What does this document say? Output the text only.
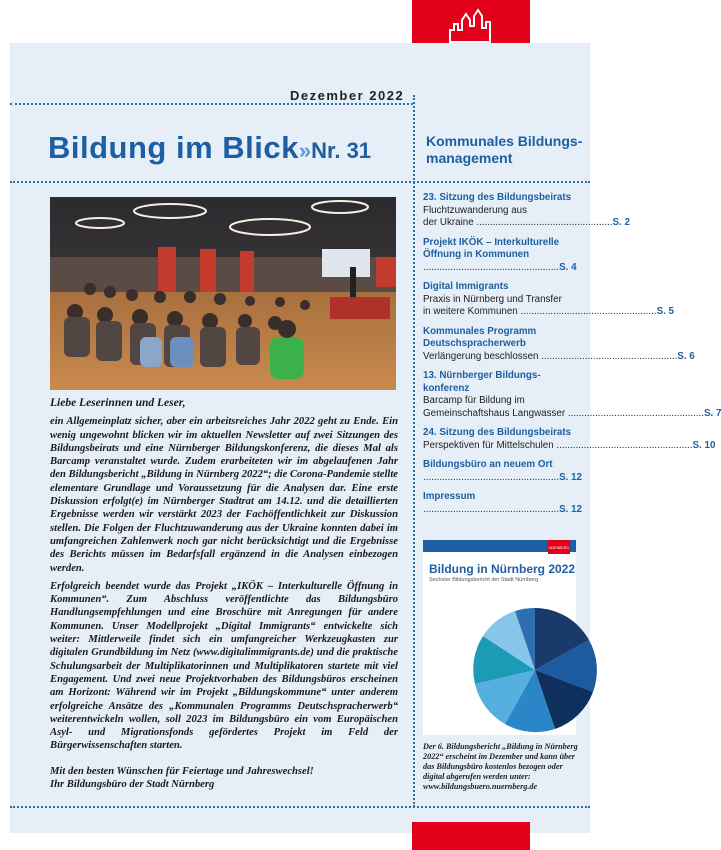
Dezember 2022
Bildung im Blick»Nr. 31	Kommunales Bildungsmanagement

Liebe Leserinnen und Leser,

ein Allgemeinplatz sicher, aber ein arbeitsreiches Jahr 2022 geht zu Ende. Ein wenig ungewohnt blicken wir im aktuellen Newsletter auf zwei Sitzungen des Bildungsbeirats und eine Nürnberger Bildungskonferenz, die dieses Mal als Barcamp veranstaltet wurde. Zudem erarbeiteten wir im abgelaufenen Jahr den Bildungsbericht „Bildung in Nürnberg 2022“; die Corona-Pandemie stellte elementare Grundlage und Voraussetzung für die Analysen dar. Eine erste Diskussion erfolgt(e) im Nürnberger Stadtrat am 14.12. und die detaillierten Ergebnisse werden wir verstärkt 2023 der Fachöffentlichkeit zur Diskussion stellen. Die Folgen der Fluchtzuwanderung aus der Ukraine konnten dabei im umfangreichen Zahlenwerk noch gar nicht berücksichtigt und die Ergebnisse des Berichts müssen im Bedarfsfall ergänzend in die Analysen einbezogen werden.

Erfolgreich beendet wurde das Projekt „IKÖK – Interkulturelle Öffnung in Kommunen“. Zum Abschluss veröffentlichte das Bildungsbüro Handlungsempfehlungen und eine Broschüre mit Anregungen für andere Kommunen. Unser Modellprojekt „Digital Immigrants“ entwickelte sich weiter: Mittlerweile findet sich ein umfangreicher Werkzeugkasten zur digitalen Grundbildung im Netz (www.digitalimmigrants.de) und die praktische Schulungsarbeit der Multiplikatorinnen und Multiplikatoren startete mit viel Engagement. Und zwei neue Projektvorhaben des Bildungsbüros erscheinen am Horizont: Während wir im Projekt „Bildungskommune“ unter anderem erfolgreiche Ansätze des „Kommunalen Programms Deutschspracherwerb“ weiterentwickeln wollen, soll 2023 im Bildungsbüro ein vom Europäischen Asyl- und Migrationsfonds gefördertes Projekt im Feld der Bürgerwissenschaften starten.

Mit den besten Wünschen für Feiertage und Jahreswechsel!

Ihr Bildungsbüro der Stadt Nürnberg

23. Sitzung des Bildungsbeirats
Fluchtzuwanderung aus
der Ukraine .................................................. S. 2
Projekt IKÖK – Interkulturelle Öffnung in Kommunen
.................................................. S. 4
Digital Immigrants
Praxis in Nürnberg und Transfer
in weitere Kommunen .................................................. S. 5
Kommunales Programm Deutschspracherwerb
Verlängerung beschlossen .................................................. S. 6
13. Nürnberger Bildungs-konferenz
Barcamp für Bildung im
Gemeinschaftshaus Langwasser .................................................. S. 7
24. Sitzung des Bildungsbeirats
Perspektiven für Mittelschulen .................................................. S. 10
Bildungsbüro an neuem Ort
.................................................. S. 12
Impressum
.................................................. S. 12
NÜRNBERG
Bildung in Nürnberg 2022
Sechster Bildungsbericht der Stadt Nürnberg
Der 6. Bildungsbericht „Bildung in Nürnberg 2022“ erscheint im Dezember und kann über das Bildungsbüro kostenlos bezogen oder digital abgerufen werden unter: www.bildungsbuero.nuernberg.de
